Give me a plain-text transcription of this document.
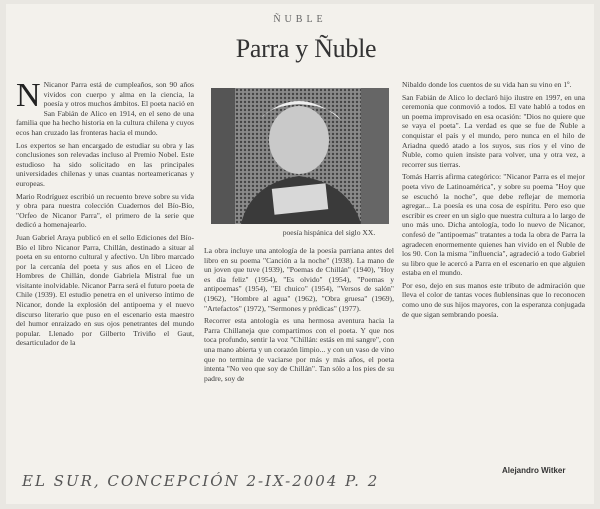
ÑUBLE
Parra y Ñuble

N Nicanor Parra está de cumpleaños, son 90 años vividos con cuerpo y alma en la ciencia, la poesía y otros muchos ámbitos. El poeta nació en San Fabián de Alico en 1914, en el seno de una familia que ha hecho historia en la cultura chilena y cuyos ecos han cruzado las fronteras hacia el mundo.

Los expertos se han encargado de estudiar su obra y las conclusiones son relevadas incluso al Premio Nobel. Este estudioso ha sido solicitado en las principales universidades chilenas y unas cuantas norteamericanas y europeas.

Mario Rodríguez escribió un recuento breve sobre su vida y obra para nuestra colección Cuadernos del Bío-Bío, "Orfeo de Nicanor Parra", el primero de la serie que dedicó a homenajearlo.

Juan Gabriel Araya publicó en el sello Ediciones del Bío-Bío el libro Nicanor Parra, Chillán, destinado a situar al poeta en su entorno cultural y afectivo. Un libro marcado por la cercanía del poeta y sus años en el Liceo de Hombres de Chillán, donde Gabriela Mistral fue un visitante inolvidable. Nicanor Parra será el futuro poeta de Chile (1939). El estudio penetra en el universo íntimo de Nicanor, donde la explosión del antipoema y el nuevo discurso literario que puso en el escenario esta maestro del humor enraizado en sus ojos penetrantes del mundo popular. Llenado por Gilberto Triviño el Gaut, desarticulador de la

poesía hispánica del siglo XX.

La obra incluye una antología de la poesía parriana antes del libro en su poema "Canción a la noche" (1938). La mano de un joven que tuve (1939), "Poemas de Chillán" (1940), "Hoy es día feliz" (1954), "Es olvido" (1954), "Poemas y antipoemas" (1954), "El chuico" (1954), "Versos de salón" (1962), "Hombre al agua" (1962), "Obra gruesa" (1969), "Artefactos" (1972), "Sermones y prédicas" (1977).

Recorrer esta antología es una hermosa aventura hacia la Parra Chillaneja que compartimos con el poeta. Y que nos toca profundo, sentir la voz "Chillán: estás en mi sangre", con una mano abierta y un corazón limpio... y con un vaso de vino que no termina de vaciarse por más y más años, el poeta intenta "No veo que soy de Chillán". Tan sólo a los pies de su padre, soy de

Nibaldo donde los cuentos de su vida han su vino en 1º.

San Fabián de Alico lo declaró hijo ilustre en 1997, en una ceremonia que conmovió a todos. El vate habló a todos en un poema improvisado en esa ocasión: "Dios no quiere que se vaya el poeta". La verdad es que se fue de Ñuble a conquistar el país y el mundo, pero nunca en el hilo de Ariadna quedó atado a los suyos, sus ríos y el vino de Ñuble, como quien insiste para volver, una y otra vez, a recorrer sus tierras.

Tomás Harris afirma categórico: "Nicanor Parra es el mejor poeta vivo de Latinoamérica", y sobre su poema "Hoy que se escuchó la noche", que debe reflejar de memoria agregar... La poesía es una cosa de espíritu. Pero eso que escribir es creer en un siglo que nuestra cultura a lo largo de uno más uno. Dicha antología, todo lo nuevo de Nicanor, confesó de "antipoemas" tratantes a toda la obra de Parra la agradecen enormemente quienes han vivido en el Ñuble de los 90. Con la misma "influencia", agradeció a todo Gabriel su libro que le acercó a Parra en el escenario en que alguien estaba en el mundo.

Por eso, dejo en sus manos este tributo de admiración que lleva el color de tantas voces ñublensinas que lo reconocen como uno de sus hijos mayores, con la esperanza conjugada de que sigan sembrando poesía.

Alejandro Witker
EL SUR, CONCEPCIÓN 2-IX-2004 P. 2
